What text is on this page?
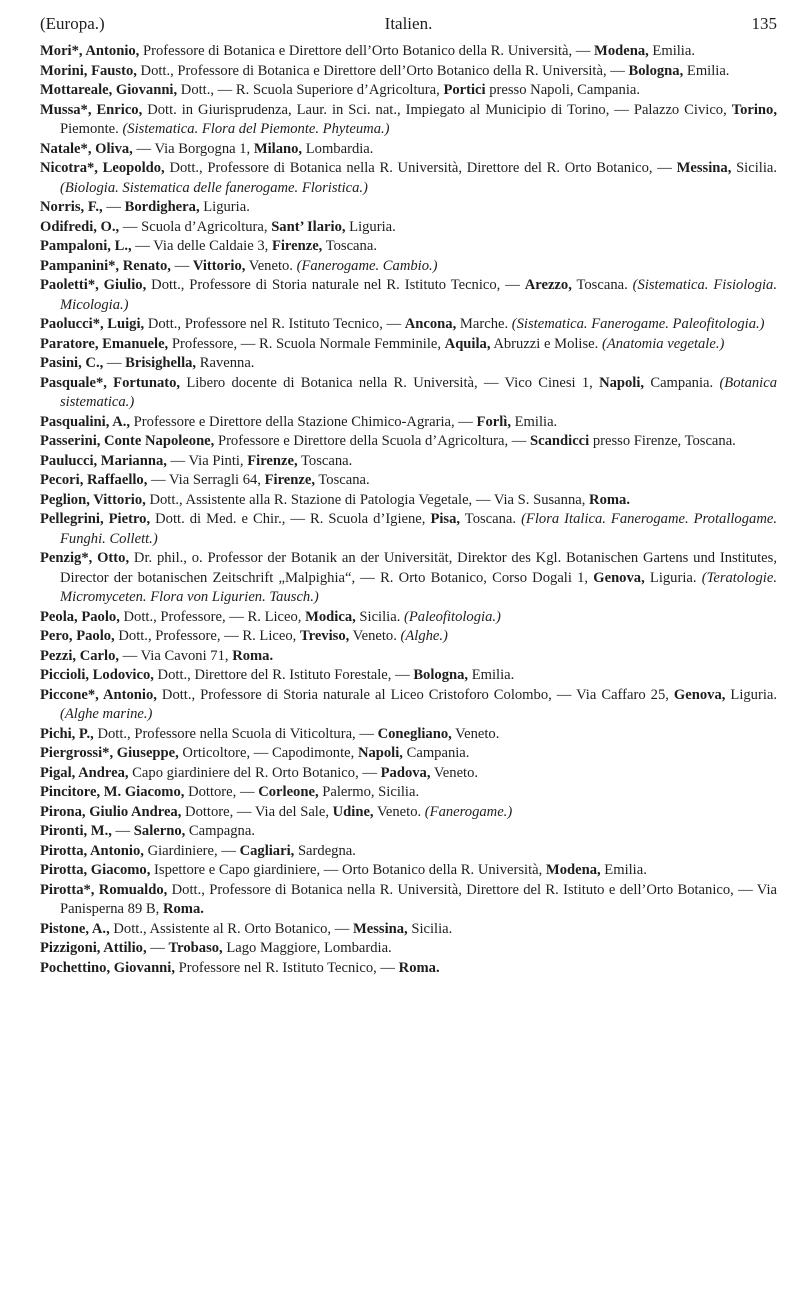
(Europa.)	Italien.	135

Mori*, Antonio, Professore di Botanica e Direttore dell’Orto Botanico della R. Università, — Modena, Emilia.

Morini, Fausto, Dott., Professore di Botanica e Direttore dell’Orto Botanico della R. Università, — Bologna, Emilia.

Mottareale, Giovanni, Dott., — R. Scuola Superiore d’Agricoltura, Portici presso Napoli, Campania.

Mussa*, Enrico, Dott. in Giurisprudenza, Laur. in Sci. nat., Impiegato al Municipio di Torino, — Palazzo Civico, Torino, Piemonte. (Sistematica. Flora del Piemonte. Phyteuma.)

Natale*, Oliva, — Via Borgogna 1, Milano, Lombardia.

Nicotra*, Leopoldo, Dott., Professore di Botanica nella R. Università, Direttore del R. Orto Botanico, — Messina, Sicilia. (Biologia. Sistematica delle fanerogame. Floristica.)

Norris, F., — Bordighera, Liguria.

Odifredi, O., — Scuola d’Agricoltura, Sant’ Ilario, Liguria.

Pampaloni, L., — Via delle Caldaie 3, Firenze, Toscana.

Pampanini*, Renato, — Vittorio, Veneto. (Fanerogame. Cambio.)

Paoletti*, Giulio, Dott., Professore di Storia naturale nel R. Istituto Tecnico, — Arezzo, Toscana. (Sistematica. Fisiologia. Micologia.)

Paolucci*, Luigi, Dott., Professore nel R. Istituto Tecnico, — Ancona, Marche. (Sistematica. Fanerogame. Paleofitologia.)

Paratore, Emanuele, Professore, — R. Scuola Normale Femminile, Aquila, Abruzzi e Molise. (Anatomia vegetale.)

Pasini, C., — Brisighella, Ravenna.

Pasquale*, Fortunato, Libero docente di Botanica nella R. Università, — Vico Cinesi 1, Napoli, Campania. (Botanica sistematica.)

Pasqualini, A., Professore e Direttore della Stazione Chimico-Agraria, — Forlì, Emilia.

Passerini, Conte Napoleone, Professore e Direttore della Scuola d’Agricoltura, — Scandicci presso Firenze, Toscana.

Paulucci, Marianna, — Via Pinti, Firenze, Toscana.

Pecori, Raffaello, — Via Serragli 64, Firenze, Toscana.

Peglion, Vittorio, Dott., Assistente alla R. Stazione di Patologia Vegetale, — Via S. Susanna, Roma.

Pellegrini, Pietro, Dott. di Med. e Chir., — R. Scuola d’Igiene, Pisa, Toscana. (Flora Italica. Fanerogame. Protallogame. Funghi. Collett.)

Penzig*, Otto, Dr. phil., o. Professor der Botanik an der Universität, Direktor des Kgl. Botanischen Gartens und Institutes, Director der botanischen Zeitschrift „Malpighia“, — R. Orto Botanico, Corso Dogali 1, Genova, Liguria. (Teratologie. Micromyceten. Flora von Ligurien. Tausch.)

Peola, Paolo, Dott., Professore, — R. Liceo, Modica, Sicilia. (Paleofitologia.)

Pero, Paolo, Dott., Professore, — R. Liceo, Treviso, Veneto. (Alghe.)

Pezzi, Carlo, — Via Cavoni 71, Roma.

Piccioli, Lodovico, Dott., Direttore del R. Istituto Forestale, — Bologna, Emilia.

Piccone*, Antonio, Dott., Professore di Storia naturale al Liceo Cristoforo Colombo, — Via Caffaro 25, Genova, Liguria. (Alghe marine.)

Pichi, P., Dott., Professore nella Scuola di Viticoltura, — Conegliano, Veneto.

Piergrossi*, Giuseppe, Orticoltore, — Capodimonte, Napoli, Campania.

Pigal, Andrea, Capo giardiniere del R. Orto Botanico, — Padova, Veneto.

Pincitore, M. Giacomo, Dottore, — Corleone, Palermo, Sicilia.

Pirona, Giulio Andrea, Dottore, — Via del Sale, Udine, Veneto. (Fanerogame.)

Pironti, M., — Salerno, Campagna.

Pirotta, Antonio, Giardiniere, — Cagliari, Sardegna.

Pirotta, Giacomo, Ispettore e Capo giardiniere, — Orto Botanico della R. Università, Modena, Emilia.

Pirotta*, Romualdo, Dott., Professore di Botanica nella R. Università, Direttore del R. Istituto e dell’Orto Botanico, — Via Panisperna 89 B, Roma.

Pistone, A., Dott., Assistente al R. Orto Botanico, — Messina, Sicilia.

Pizzigoni, Attilio, — Trobaso, Lago Maggiore, Lombardia.

Pochettino, Giovanni, Professore nel R. Istituto Tecnico, — Roma.
